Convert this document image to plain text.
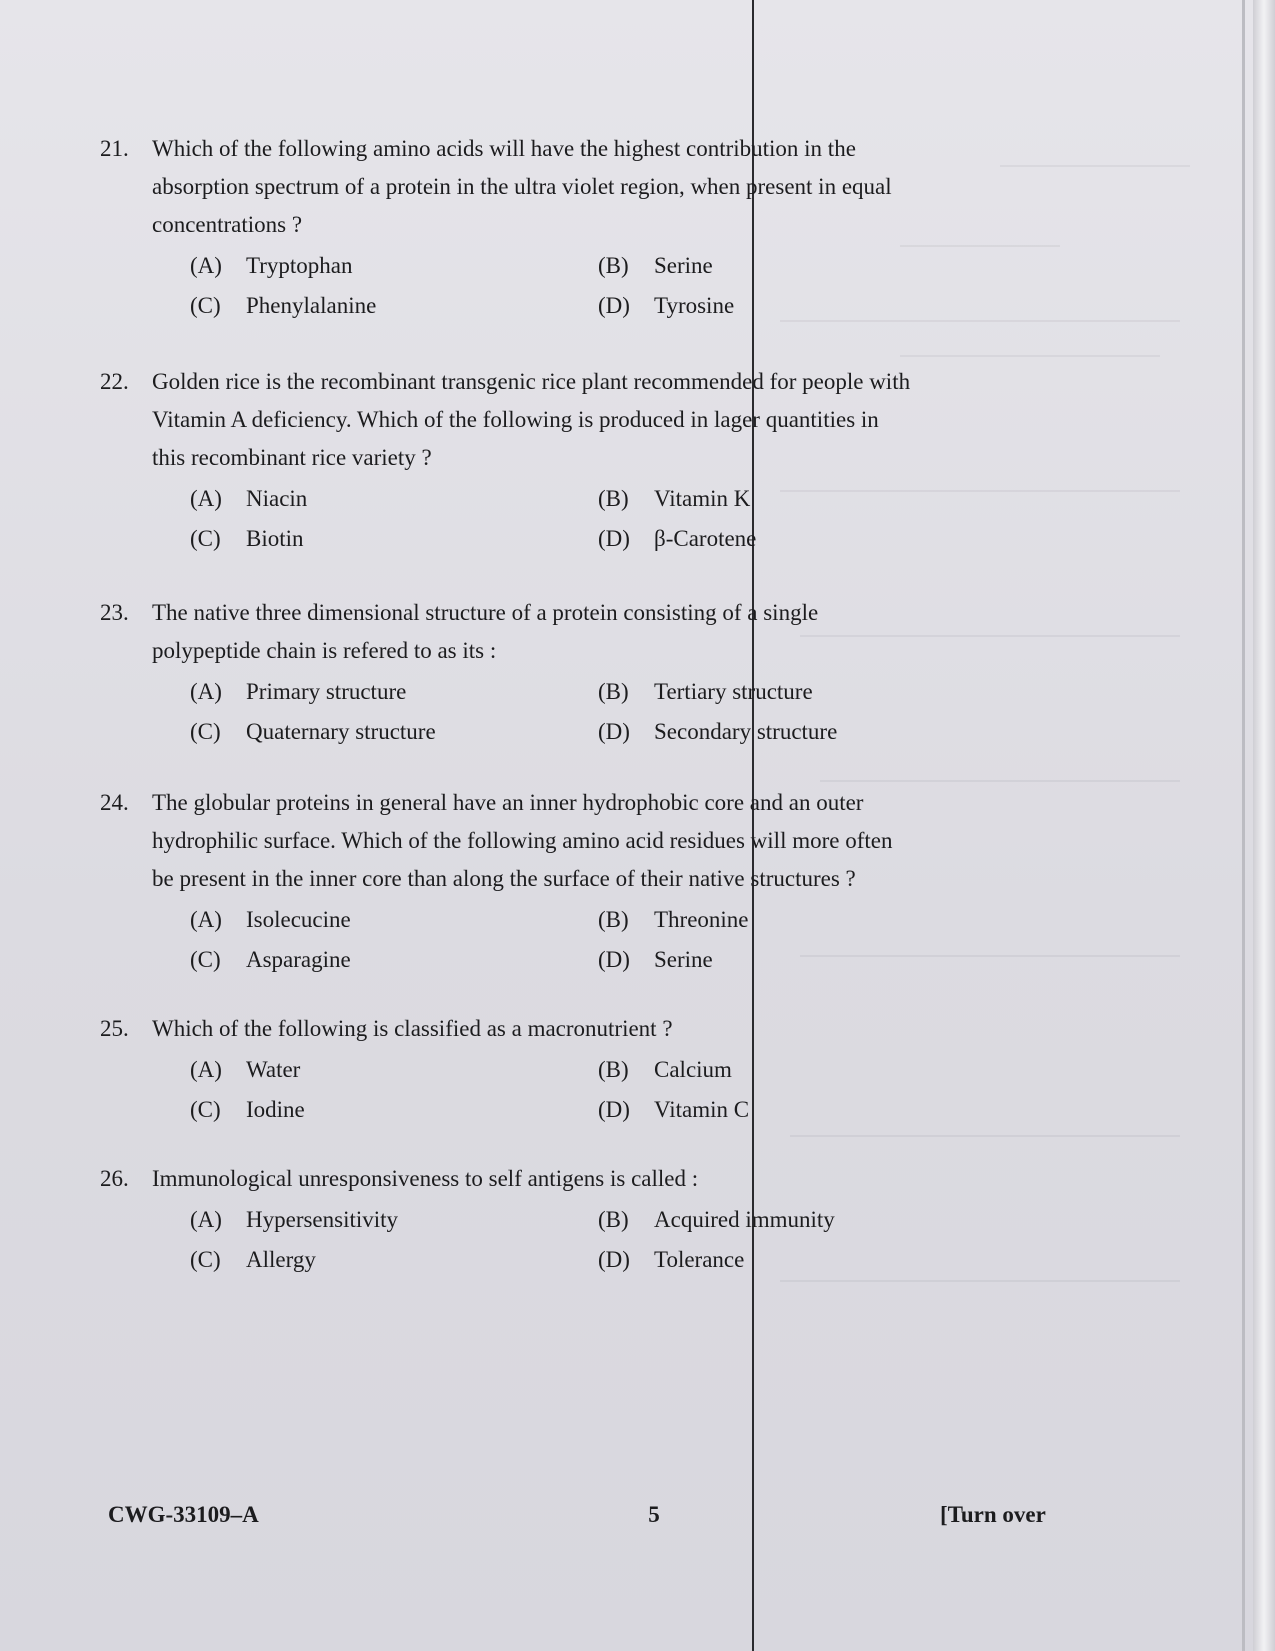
21.	Which of the following amino acids will have the highest contribution in the absorption spectrum of a protein in the ultra violet region, when present in equal concentrations ?
(A)	Tryptophan	(B)	Serine
(C)	Phenylalanine	(D)	Tyrosine
22.	Golden rice is the recombinant transgenic rice plant recommended for people with Vitamin A deficiency. Which of the following is produced in lager quantities in this recombinant rice variety ?
(A)	Niacin	(B)	Vitamin K
(C)	Biotin	(D)	β-Carotene
23.	The native three dimensional structure of a protein consisting of a single polypeptide chain is refered to as its :
(A)	Primary structure	(B)	Tertiary structure
(C)	Quaternary structure	(D)	Secondary structure
24.	The globular proteins in general have an inner hydrophobic core and an outer hydrophilic surface. Which of the following amino acid residues will more often be present in the inner core than along the surface of their native structures ?
(A)	Isolecucine	(B)	Threonine
(C)	Asparagine	(D)	Serine
25.	Which of the following is classified as a macronutrient ?
(A)	Water	(B)	Calcium
(C)	Iodine	(D)	Vitamin C
26.	Immunological unresponsiveness to self antigens is called :
(A)	Hypersensitivity	(B)	Acquired immunity
(C)	Allergy	(D)	Tolerance
CWG-33109–A	5	[Turn over
